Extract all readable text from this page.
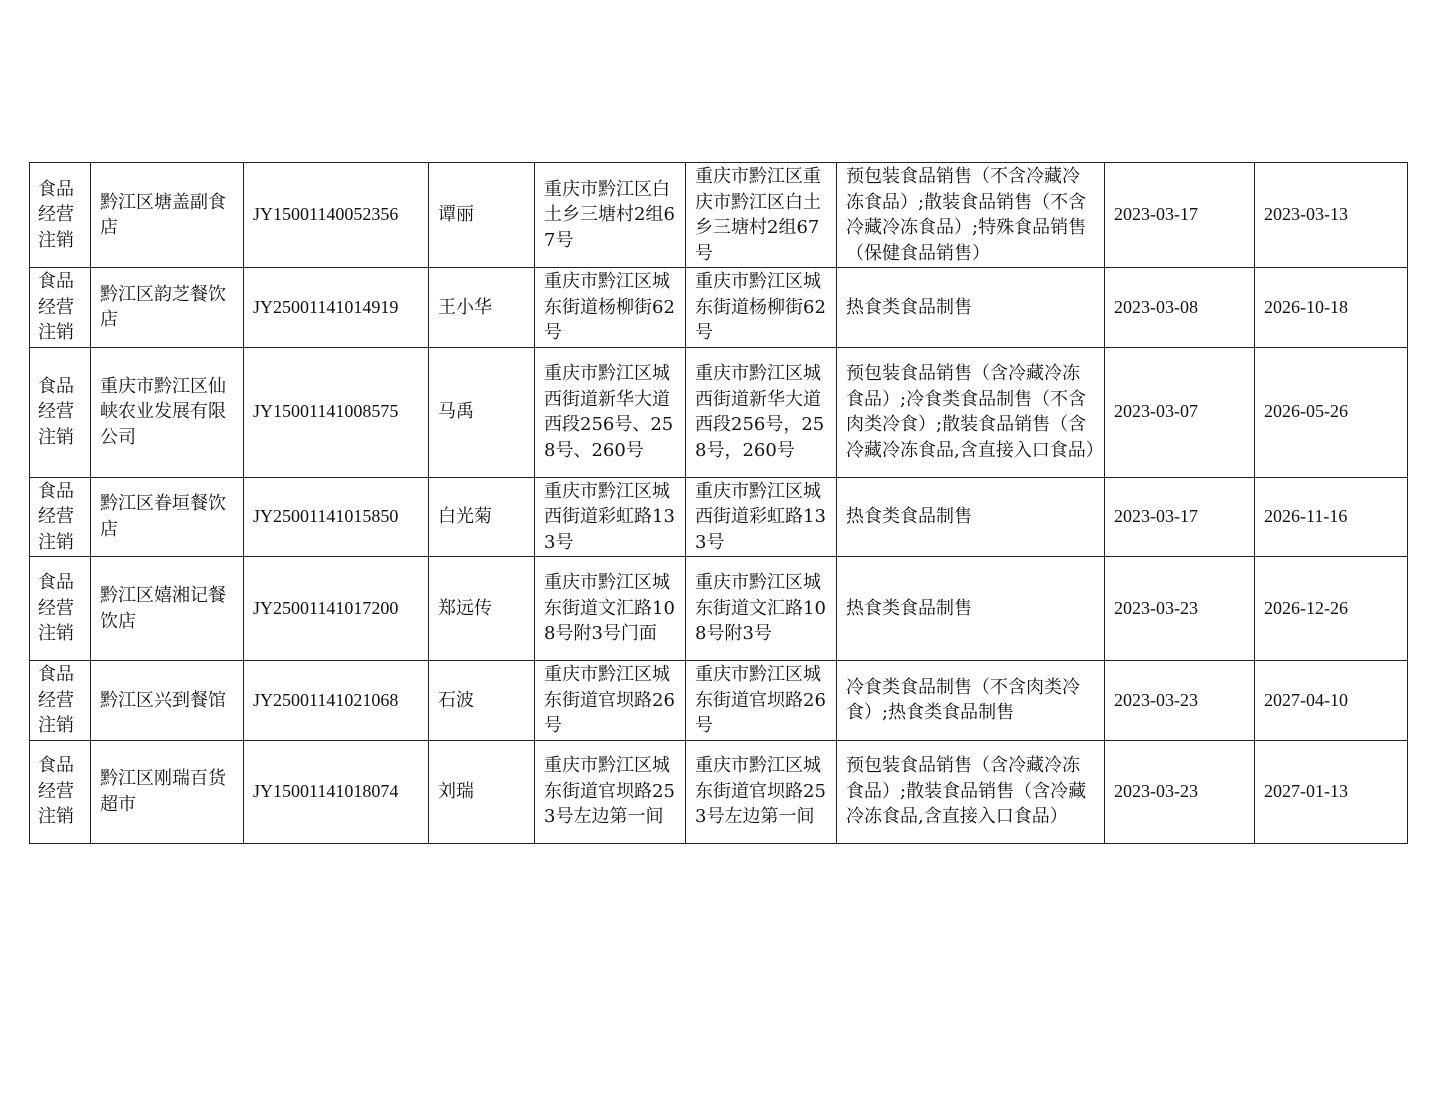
食品经营注销	黔江区塘盖副食店	JY15001140052356	谭丽	重庆市黔江区白土乡三塘村2组67号	重庆市黔江区重庆市黔江区白土乡三塘村2组67号	预包装食品销售（不含冷藏冷冻食品）;散装食品销售（不含冷藏冷冻食品）;特殊食品销售（保健食品销售）	2023-03-17	2023-03-13
食品经营注销	黔江区韵芝餐饮店	JY25001141014919	王小华	重庆市黔江区城东街道杨柳街62号	重庆市黔江区城东街道杨柳街62号	热食类食品制售	2023-03-08	2026-10-18
食品经营注销	重庆市黔江区仙峡农业发展有限公司	JY15001141008575	马禹	重庆市黔江区城西街道新华大道西段256号、258号、260号	重庆市黔江区城西街道新华大道西段256号，258号，260号	预包装食品销售（含冷藏冷冻食品）;冷食类食品制售（不含肉类冷食）;散装食品销售（含冷藏冷冻食品,含直接入口食品）	2023-03-07	2026-05-26
食品经营注销	黔江区眷垣餐饮店	JY25001141015850	白光菊	重庆市黔江区城西街道彩虹路133号	重庆市黔江区城西街道彩虹路133号	热食类食品制售	2023-03-17	2026-11-16
食品经营注销	黔江区嬉湘记餐饮店	JY25001141017200	郑远传	重庆市黔江区城东街道文汇路108号附3号门面	重庆市黔江区城东街道文汇路108号附3号	热食类食品制售	2023-03-23	2026-12-26
食品经营注销	黔江区兴到餐馆	JY25001141021068	石波	重庆市黔江区城东街道官坝路26号	重庆市黔江区城东街道官坝路26号	冷食类食品制售（不含肉类冷食）;热食类食品制售	2023-03-23	2027-04-10
食品经营注销	黔江区刚瑞百货超市	JY15001141018074	刘瑞	重庆市黔江区城东街道官坝路253号左边第一间	重庆市黔江区城东街道官坝路253号左边第一间	预包装食品销售（含冷藏冷冻食品）;散装食品销售（含冷藏冷冻食品,含直接入口食品）	2023-03-23	2027-01-13
